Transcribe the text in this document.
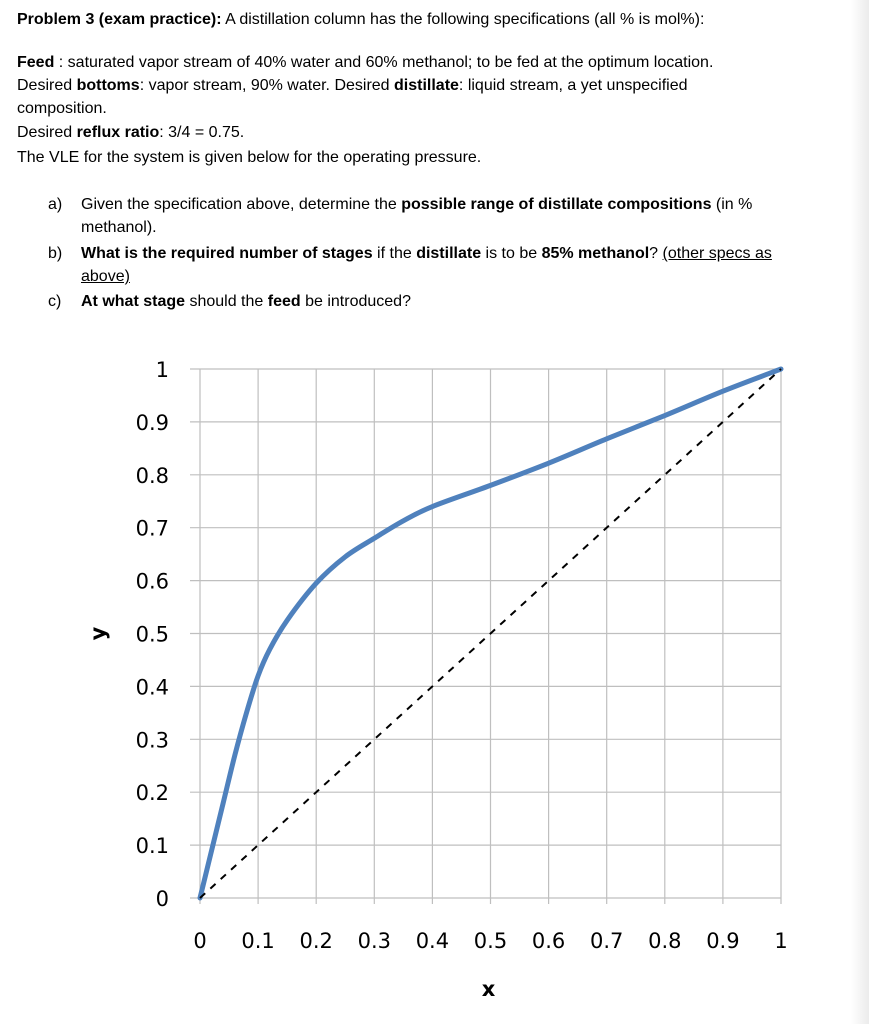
Problem 3 (exam practice): A distillation column has the following specifications (all % is mol%):
Feed : saturated vapor stream of 40% water and 60% methanol; to be fed at the optimum location.
Desired bottoms: vapor stream, 90% water. Desired distillate: liquid stream, a yet unspecified
composition.
Desired reflux ratio: 3/4 = 0.75.
The VLE for the system is given below for the operating pressure.
a) Given the specification above, determine the possible range of distillate compositions (in %
methanol).
b) What is the required number of stages if the distillate is to be 85% methanol? (other specs as
above)
c) At what stage should the feed be introduced?
0 0.1 0.2 0.3 0.4 0.5 0.6 0.7 0.8 0.9 1
0
0.1
0.2
0.3
0.4
0.5
0.6
0.7
0.8
0.9
1
x
y
